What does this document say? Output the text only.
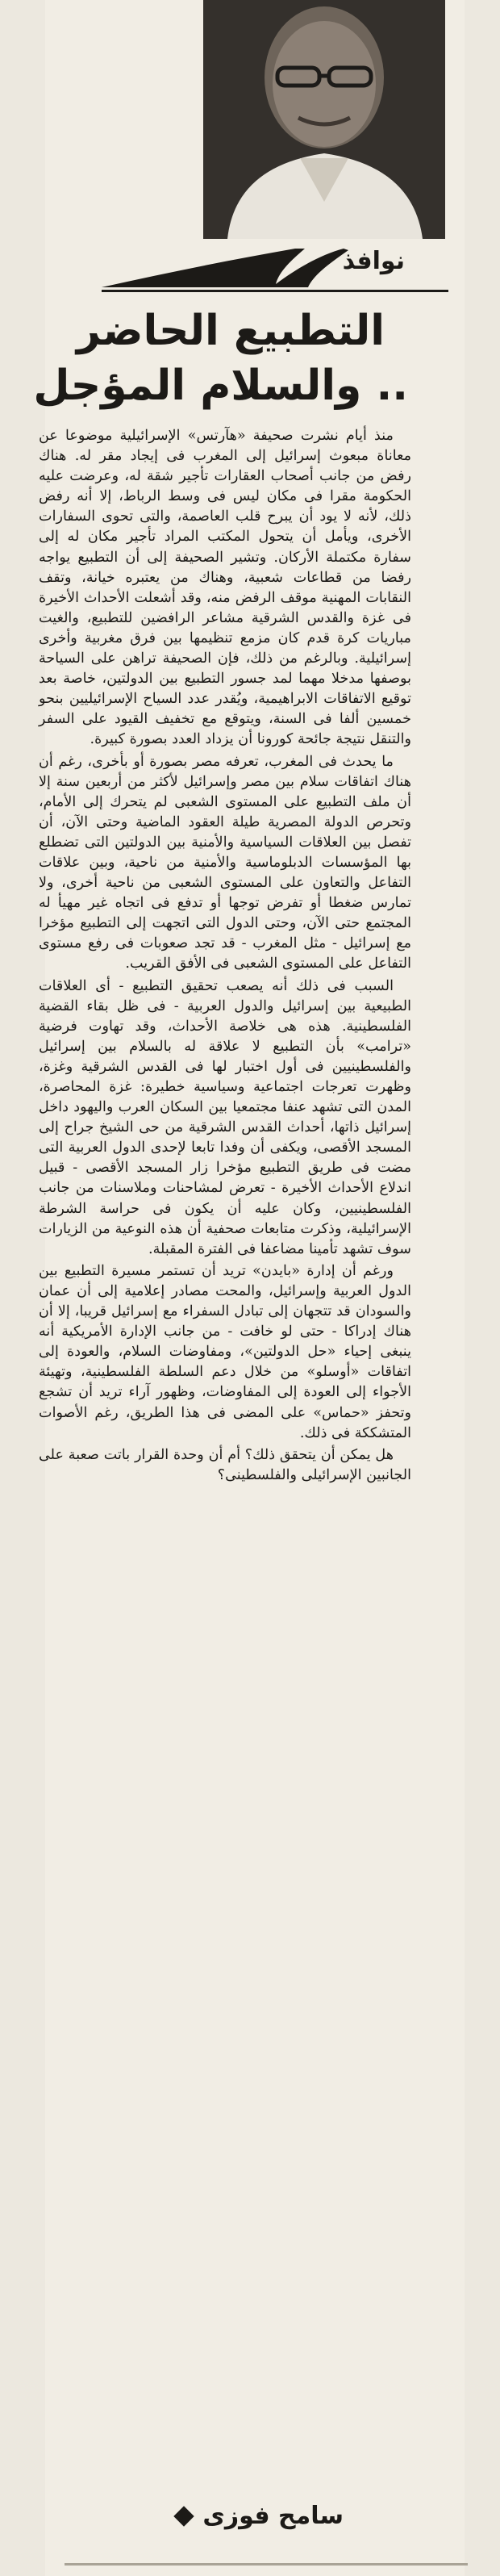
نوافذ
التطبيع الحاضر
.. والسلام المؤجل

منذ أيام نشرت صحيفة «هآرتس» الإسرائيلية موضوعا عن معاناة مبعوث إسرائيل إلى المغرب فى إيجاد مقر له. هناك رفض من جانب أصحاب العقارات تأجير شقة له، وعرضت عليه الحكومة مقرا فى مكان ليس فى وسط الرباط، إلا أنه رفض ذلك، لأنه لا يود أن يبرح قلب العاصمة، والتى تحوى السفارات الأخرى، ويأمل أن يتحول المكتب المراد تأجير مكان له إلى سفارة مكتملة الأركان. وتشير الصحيفة إلى أن التطبيع يواجه رفضا من قطاعات شعبية، وهناك من يعتبره خيانة، وتقف النقابات المهنية موقف الرفض منه، وقد أشعلت الأحداث الأخيرة فى غزة والقدس الشرقية مشاعر الرافضين للتطبيع، والغيت مباريات كرة قدم كان مزمع تنظيمها بين فرق مغربية وأخرى إسرائيلية. وبالرغم من ذلك، فإن الصحيفة تراهن على السياحة بوصفها مدخلا مهما لمد جسور التطبيع بين الدولتين، خاصة بعد توقيع الاتفاقات الابراهيمية، ويُقدر عدد السياح الإسرائيليين بنحو خمسين ألفا فى السنة، ويتوقع مع تخفيف القيود على السفر والتنقل نتيجة جائحة كورونا أن يزداد العدد بصورة كبيرة.

ما يحدث فى المغرب، تعرفه مصر بصورة أو بأخرى، رغم أن هناك اتفاقات سلام بين مصر وإسرائيل لأكثر من أربعين سنة إلا أن ملف التطبيع على المستوى الشعبى لم يتحرك إلى الأمام، وتحرص الدولة المصرية طيلة العقود الماضية وحتى الآن، أن تفصل بين العلاقات السياسية والأمنية بين الدولتين التى تضطلع بها المؤسسات الدبلوماسية والأمنية من ناحية، وبين علاقات التفاعل والتعاون على المستوى الشعبى من ناحية أخرى، ولا تمارس ضغطا أو تفرض توجها أو تدفع فى اتجاه غير مهيأ له المجتمع حتى الآن، وحتى الدول التى اتجهت إلى التطبيع مؤخرا مع إسرائيل - مثل المغرب - قد تجد صعوبات فى رفع مستوى التفاعل على المستوى الشعبى فى الأفق القريب.

السبب فى ذلك أنه يصعب تحقيق التطبيع - أى العلاقات الطبيعية بين إسرائيل والدول العربية - فى ظل بقاء القضية الفلسطينية. هذه هى خلاصة الأحداث، وقد تهاوت فرضية «ترامب» بأن التطبيع لا علاقة له بالسلام بين إسرائيل والفلسطينيين فى أول اختبار لها فى القدس الشرقية وغزة، وظهرت تعرجات اجتماعية وسياسية خطيرة: غزة المحاصرة، المدن التى تشهد عنفا مجتمعيا بين السكان العرب واليهود داخل إسرائيل ذاتها، أحداث القدس الشرقية من حى الشيخ جراح إلى المسجد الأقصى، ويكفى أن وفدا تابعا لإحدى الدول العربية التى مضت فى طريق التطبيع مؤخرا زار المسجد الأقصى - قبيل اندلاع الأحداث الأخيرة - تعرض لمشاحنات وملاسنات من جانب الفلسطينيين، وكان عليه أن يكون فى حراسة الشرطة الإسرائيلية، وذكرت متابعات صحفية أن هذه النوعية من الزيارات سوف تشهد تأمينا مضاعفا فى الفترة المقبلة.

ورغم أن إدارة «بايدن» تريد أن تستمر مسيرة التطبيع بين الدول العربية وإسرائيل، والمحت مصادر إعلامية إلى أن عمان والسودان قد تتجهان إلى تبادل السفراء مع إسرائيل قريبا، إلا أن هناك إدراكا - حتى لو خافت - من جانب الإدارة الأمريكية أنه ينبغى إحياء «حل الدولتين»، ومفاوضات السلام، والعودة إلى اتفاقات «أوسلو» من خلال دعم السلطة الفلسطينية، وتهيئة الأجواء إلى العودة إلى المفاوضات، وظهور آراء تريد أن تشجع وتحفز «حماس» على المضى فى هذا الطريق، رغم الأصوات المتشككة فى ذلك.

هل يمكن أن يتحقق ذلك؟ أم أن وحدة القرار باتت صعبة على الجانبين الإسرائيلى والفلسطينى؟

سامح فوزى
